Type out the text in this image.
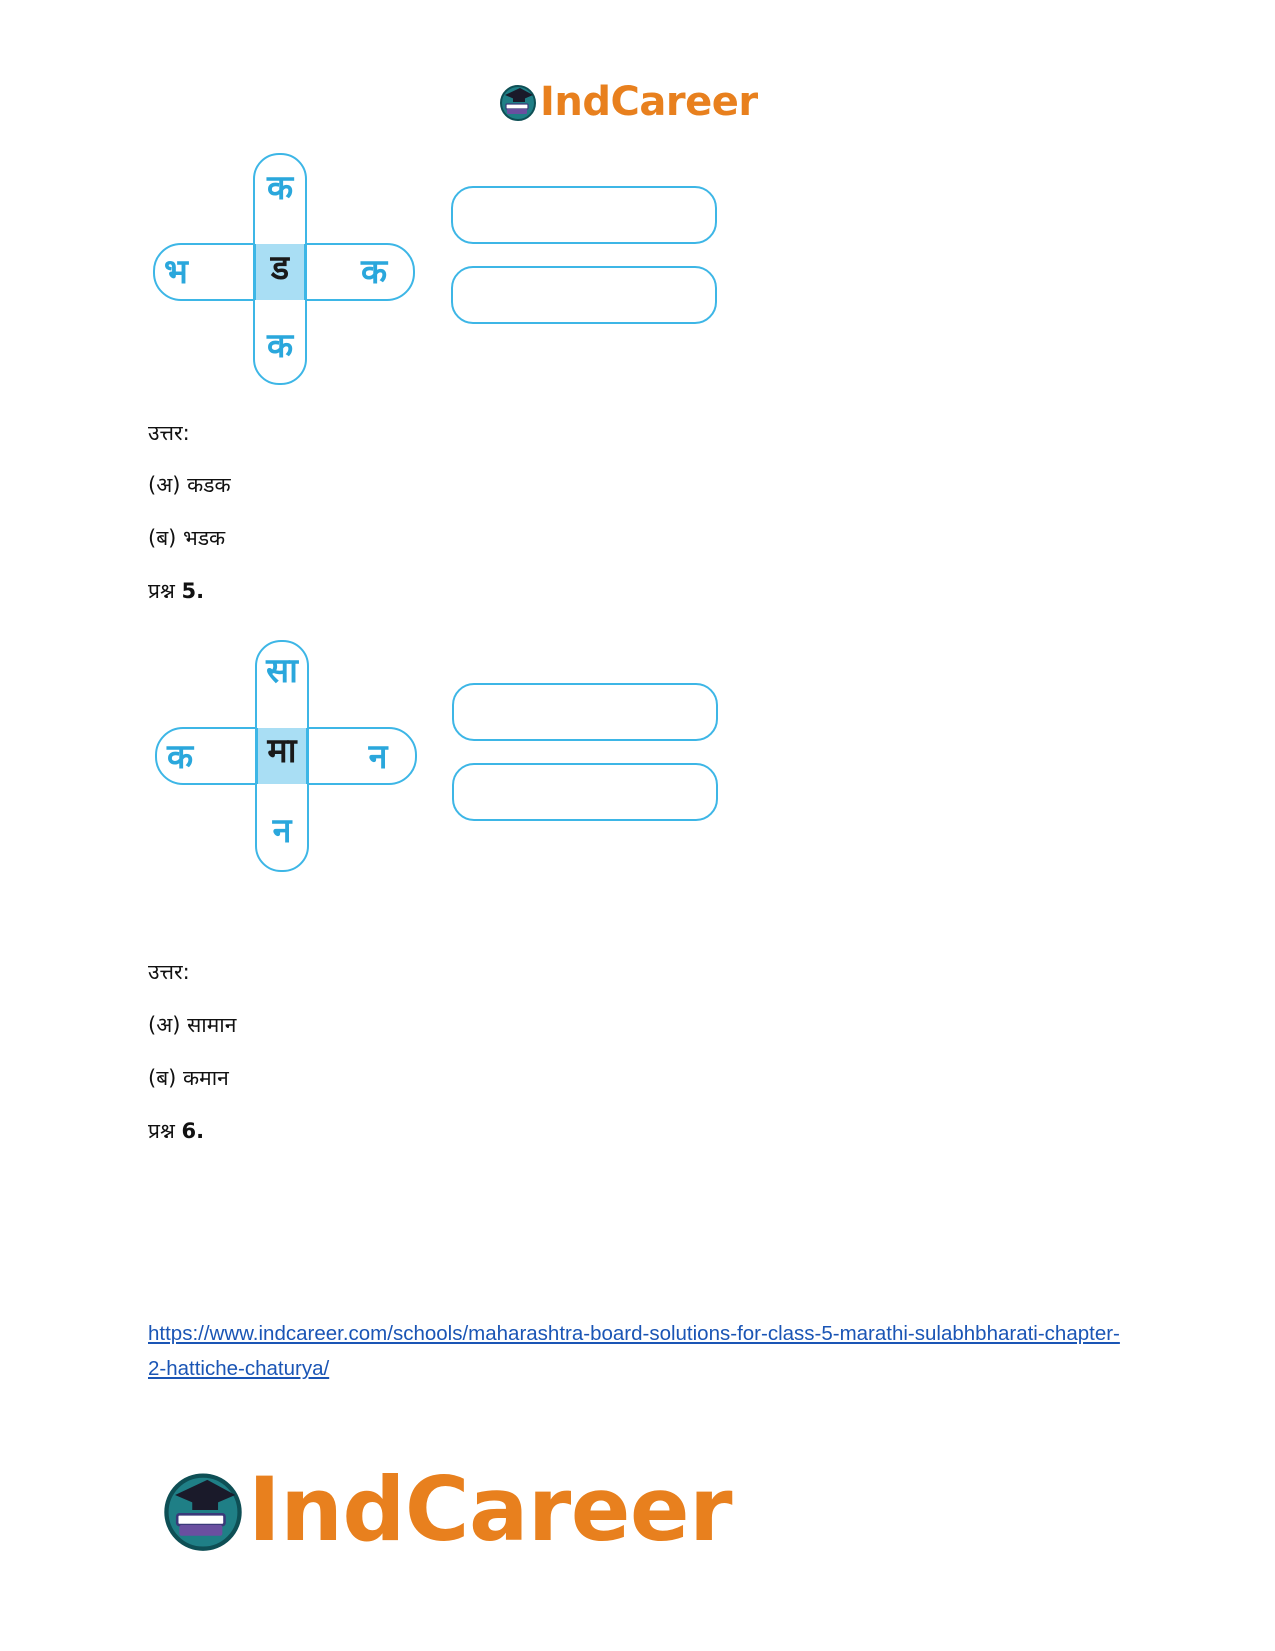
IndCareer
क
भ	ड	क
क
उत्तर:
(अ) कडक
(ब) भडक
प्रश्न 5.
सा
क	मा	न
न
उत्तर:
(अ) सामान
(ब) कमान
प्रश्न 6.
https://www.indcareer.com/schools/maharashtra-board-solutions-for-class-5-marathi-sulabhbharati-chapter-2-hattiche-chaturya/
IndCareer
